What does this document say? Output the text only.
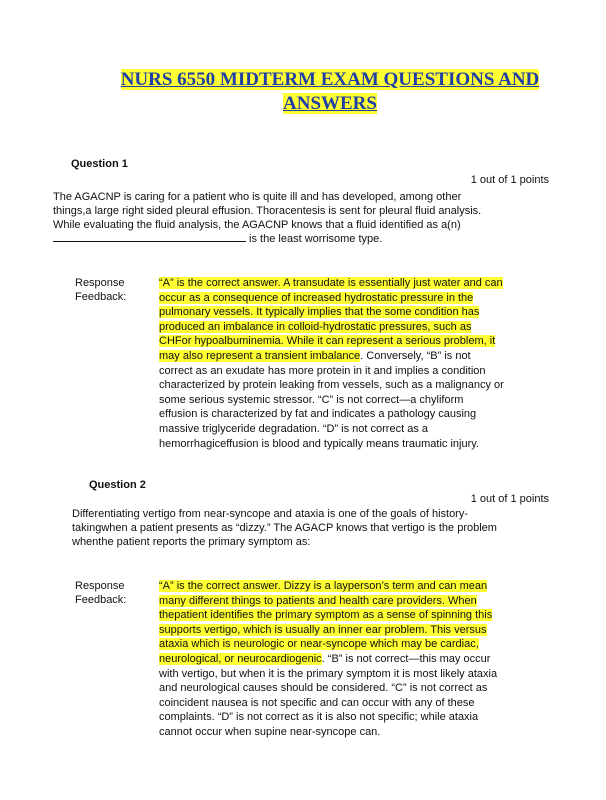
NURS 6550 MIDTERM EXAM QUESTIONS AND ANSWERS
Question 1
1 out of 1 points
The AGACNP is caring for a patient who is quite ill and has developed, among other things,a large right sided pleural effusion. Thoracentesis is sent for pleural fluid analysis. While evaluating the fluid analysis, the AGACNP knows that a fluid identified as a(n)  is the least worrisome type.
Response
Feedback:
“A” is the correct answer. A transudate is essentially just water and can occur as a consequence of increased hydrostatic pressure in the pulmonary vessels. It typically implies that the some condition has produced an imbalance in colloid-hydrostatic pressures, such as CHFor hypoalbuminemia. While it can represent a serious problem, it may also represent a transient imbalance. Conversely, “B” is not correct as an exudate has more protein in it and implies a condition characterized by protein leaking from vessels, such as a malignancy or some serious systemic stressor. “C” is not correct—a chyliform effusion is characterized by fat and indicates a pathology causing massive triglyceride degradation. “D” is not correct as a hemorrhagiceffusion is blood and typically means traumatic injury.
Question 2
1 out of 1 points
Differentiating vertigo from near-syncope and ataxia is one of the goals of history-takingwhen a patient presents as “dizzy.” The AGACP knows that vertigo is the problem whenthe patient reports the primary symptom as:
Response
Feedback:
“A” is the correct answer. Dizzy is a layperson’s term and can mean many different things to patients and health care providers. When thepatient identifies the primary symptom as a sense of spinning this supports vertigo, which is usually an inner ear problem. This versus ataxia which is neurologic or near-syncope which may be cardiac, neurological, or neurocardiogenic. “B” is not correct—this may occur with vertigo, but when it is the primary symptom it is most likely ataxia and neurological causes should be considered. “C” is not correct as coincident nausea is not specific and can occur with any of these complaints. “D” is not correct as it is also not specific; while ataxia cannot occur when supine near-syncope can.
